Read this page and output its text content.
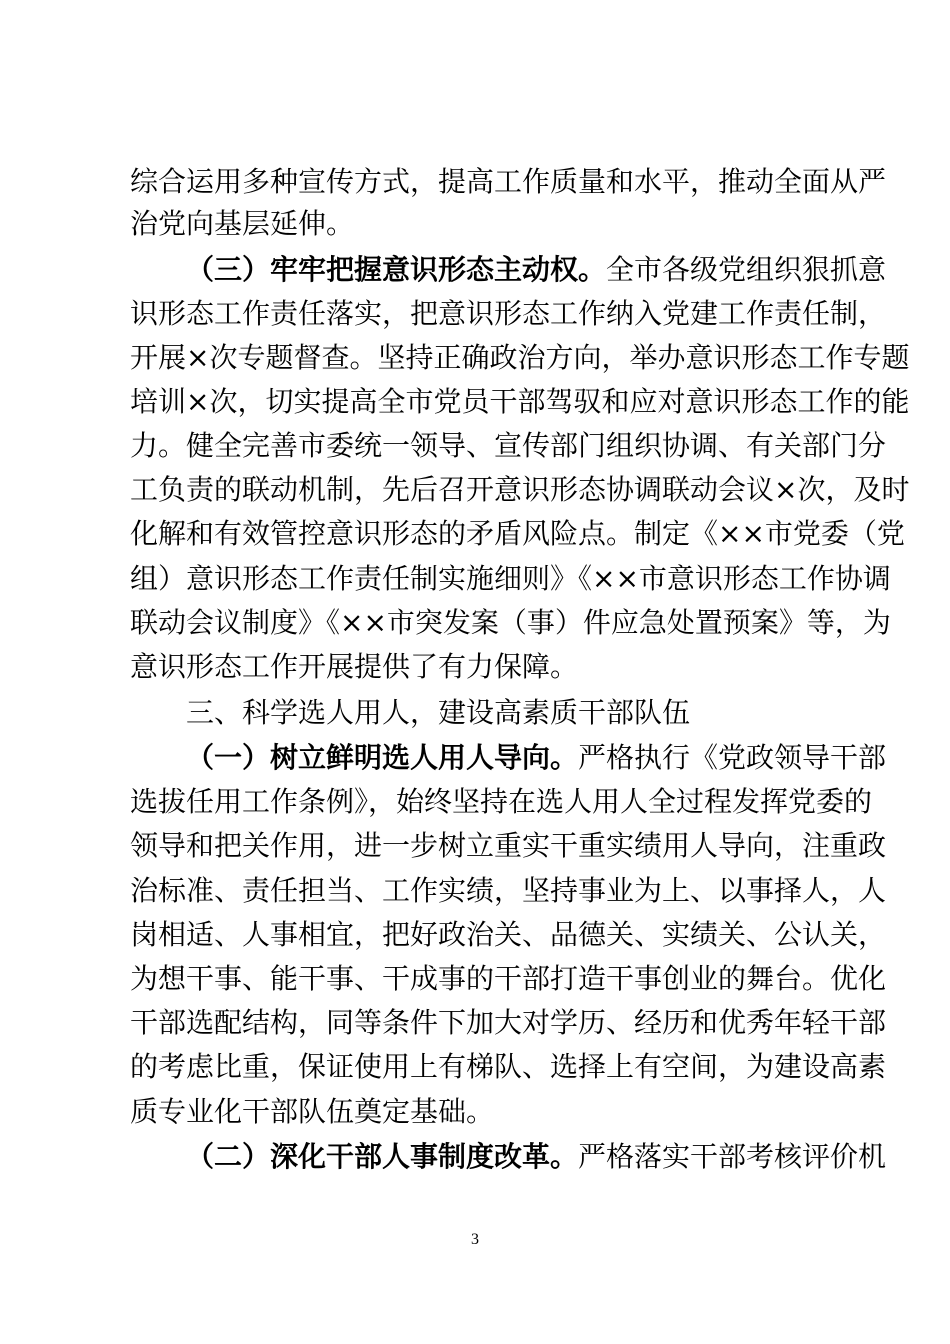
综合运用多种宣传方式，提高工作质量和水平，推动全面从严
治党向基层延伸。
（三）牢牢把握意识形态主动权。全市各级党组织狠抓意
识形态工作责任落实，把意识形态工作纳入党建工作责任制，
开展×次专题督查。坚持正确政治方向，举办意识形态工作专题
培训×次，切实提高全市党员干部驾驭和应对意识形态工作的能
力。健全完善市委统一领导、宣传部门组织协调、有关部门分
工负责的联动机制，先后召开意识形态协调联动会议×次，及时
化解和有效管控意识形态的矛盾风险点。制定《××市党委（党
组）意识形态工作责任制实施细则》《××市意识形态工作协调
联动会议制度》《××市突发案（事）件应急处置预案》等，为
意识形态工作开展提供了有力保障。
三、科学选人用人，建设高素质干部队伍
（一）树立鲜明选人用人导向。严格执行《党政领导干部
选拔任用工作条例》，始终坚持在选人用人全过程发挥党委的
领导和把关作用，进一步树立重实干重实绩用人导向，注重政
治标准、责任担当、工作实绩，坚持事业为上、以事择人，人
岗相适、人事相宜，把好政治关、品德关、实绩关、公认关，
为想干事、能干事、干成事的干部打造干事创业的舞台。优化
干部选配结构，同等条件下加大对学历、经历和优秀年轻干部
的考虑比重，保证使用上有梯队、选择上有空间，为建设高素
质专业化干部队伍奠定基础。
（二）深化干部人事制度改革。严格落实干部考核评价机
3
